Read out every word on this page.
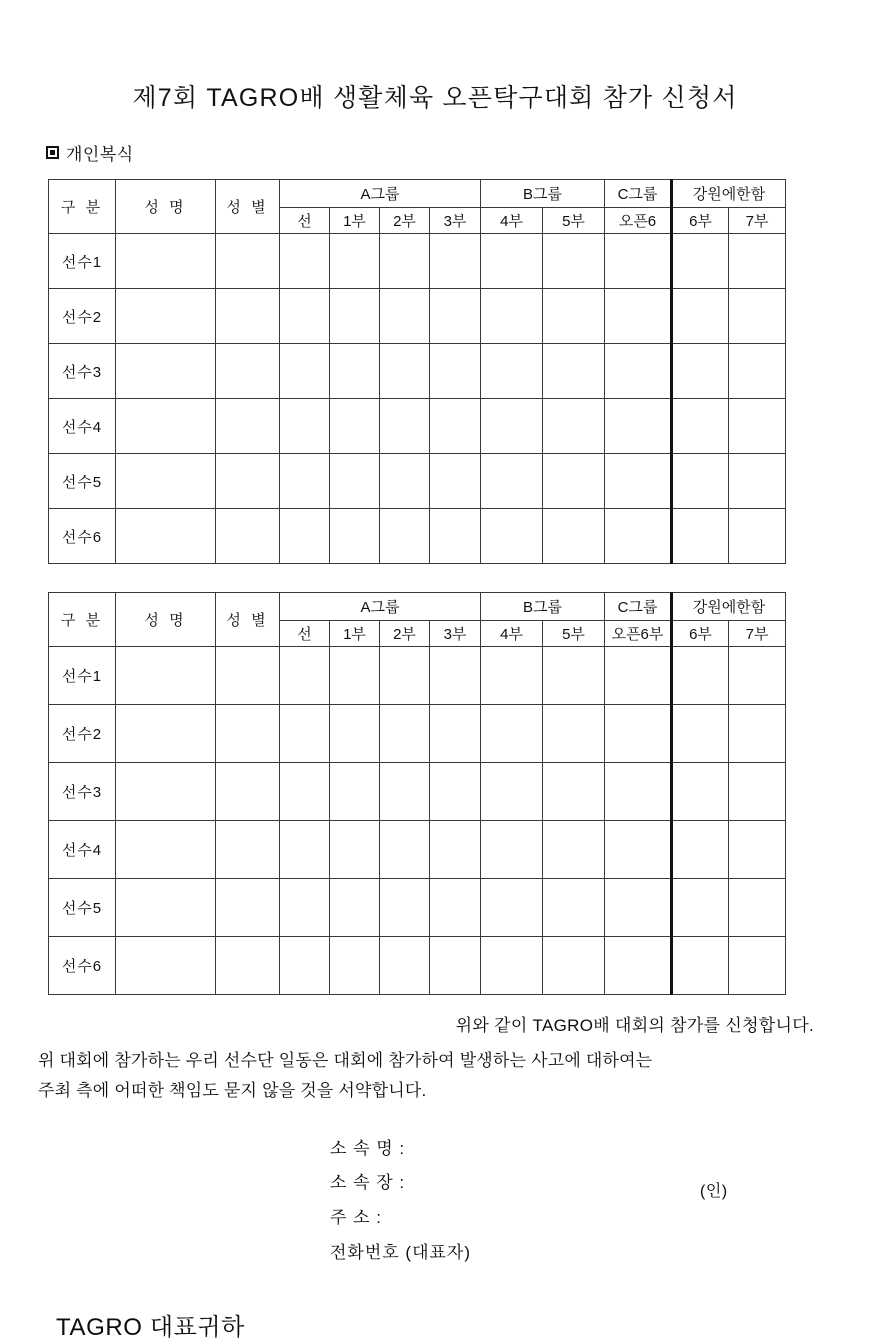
제7회 TAGRO배 생활체육 오픈탁구대회 참가 신청서
개인복식
구 분	성 명	성 별	A그룹				B그룹		C그룹	강원에한함	
			선	1부	2부	3부	4부	5부	오픈6	6부	7부
선수1											
선수2											
선수3											
선수4											
선수5											
선수6											
구 분	성 명	성 별	A그룹				B그룹		C그룹	강원에한함	
			선	1부	2부	3부	4부	5부	오픈6부	6부	7부
선수1											
선수2											
선수3											
선수4											
선수5											
선수6											
위와 같이 TAGRO배 대회의 참가를 신청합니다.
위 대회에 참가하는 우리 선수단 일동은 대회에 참가하여 발생하는 사고에 대하여는
주최 측에 어떠한 책임도 묻지 않을 것을 서약합니다.
소 속 명 :
소 속 장 :
주 소 :
전화번호 (대표자)
(인)
TAGRO 대표귀하
